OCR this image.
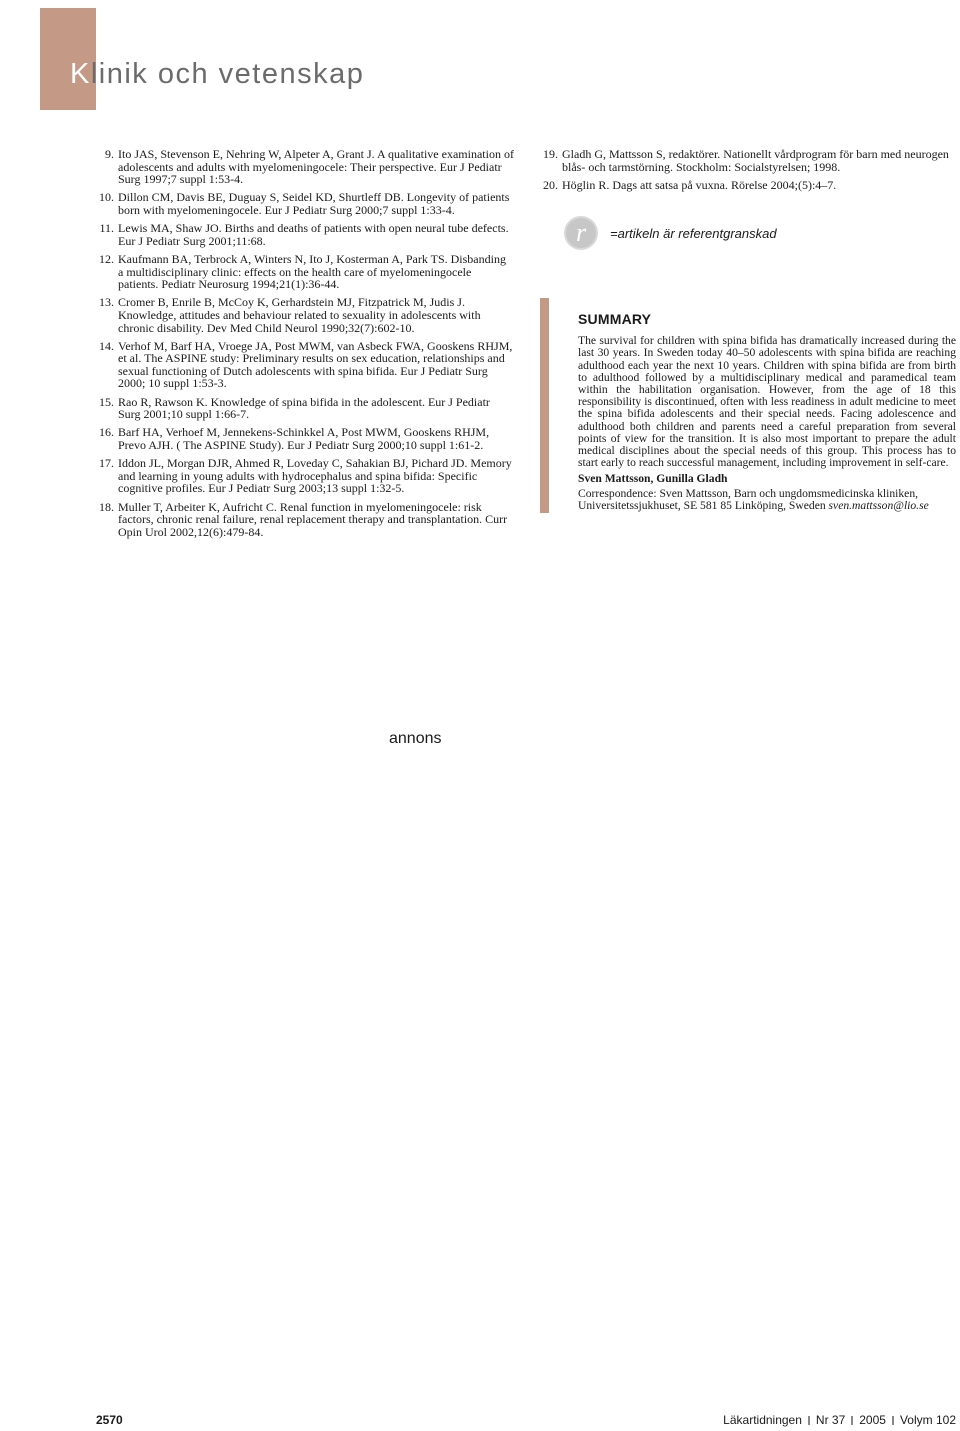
Klinik och vetenskap
9. Ito JAS, Stevenson E, Nehring W, Alpeter A, Grant J. A qualitative examination of adolescents and adults with myelomeningocele: Their perspective. Eur J Pediatr Surg 1997;7 suppl 1:53-4.
10. Dillon CM, Davis BE, Duguay S, Seidel KD, Shurtleff DB. Longevity of patients born with myelomeningocele. Eur J Pediatr Surg 2000;7 suppl 1:33-4.
11. Lewis MA, Shaw JO. Births and deaths of patients with open neural tube defects. Eur J Pediatr Surg 2001;11:68.
12. Kaufmann BA, Terbrock A, Winters N, Ito J, Kosterman A, Park TS. Disbanding a multidisciplinary clinic: effects on the health care of myelomeningocele patients. Pediatr Neurosurg 1994;21(1):36-44.
13. Cromer B, Enrile B, McCoy K, Gerhardstein MJ, Fitzpatrick M, Judis J. Knowledge, attitudes and behaviour related to sexuality in adolescents with chronic disability. Dev Med Child Neurol 1990;32(7):602-10.
14. Verhof M, Barf HA, Vroege JA, Post MWM, van Asbeck FWA, Gooskens RHJM, et al. The ASPINE study: Preliminary results on sex education, relationships and sexual functioning of Dutch adolescents with spina bifida. Eur J Pediatr Surg 2000; 10 suppl 1:53-3.
15. Rao R, Rawson K. Knowledge of spina bifida in the adolescent. Eur J Pediatr Surg 2001;10 suppl 1:66-7.
16. Barf HA, Verhoef M, Jennekens-Schinkkel A, Post MWM, Gooskens RHJM, Prevo AJH. ( The ASPINE Study). Eur J Pediatr Surg 2000;10 suppl 1:61-2.
17. Iddon JL, Morgan DJR, Ahmed R, Loveday C, Sahakian BJ, Pichard JD. Memory and learning in young adults with hydrocephalus and spina bifida: Specific cognitive profiles. Eur J Pediatr Surg 2003;13 suppl 1:32-5.
18. Muller T, Arbeiter K, Aufricht C. Renal function in myelomeningocele: risk factors, chronic renal failure, renal replacement therapy and transplantation. Curr Opin Urol 2002,12(6):479-84.
19. Gladh G, Mattsson S, redaktörer. Nationellt vårdprogram för barn med neurogen blås- och tarmstörning. Stockholm: Socialstyrelsen; 1998.
20. Höglin R. Dags att satsa på vuxna. Rörelse 2004;(5):4–7.
r	=artikeln är referentgranskad
SUMMARY

The survival for children with spina bifida has dramatically increased during the last 30 years. In Sweden today 40–50 adolescents with spina bifida are reaching adulthood each year the next 10 years. Children with spina bifida are from birth to adulthood followed by a multidisciplinary medical and paramedical team within the habilitation organisation. However, from the age of 18 this responsibility is discontinued, often with less readiness in adult medicine to meet the spina bifida adolescents and their special needs. Facing adolescence and adulthood both children and parents need a careful preparation from several points of view for the transition. It is also most important to prepare the adult medical disciplines about the special needs of this group. This process has to start early to reach successful management, including improvement in self-care.

Sven Mattsson, Gunilla Gladh

Correspondence: Sven Mattsson, Barn och ungdomsmedicinska kliniken, Universitetssjukhuset, SE 581 85 Linköping, Sweden sven.mattsson@lio.se

annons
2570	Läkartidningen Nr 37 2005 Volym 102
